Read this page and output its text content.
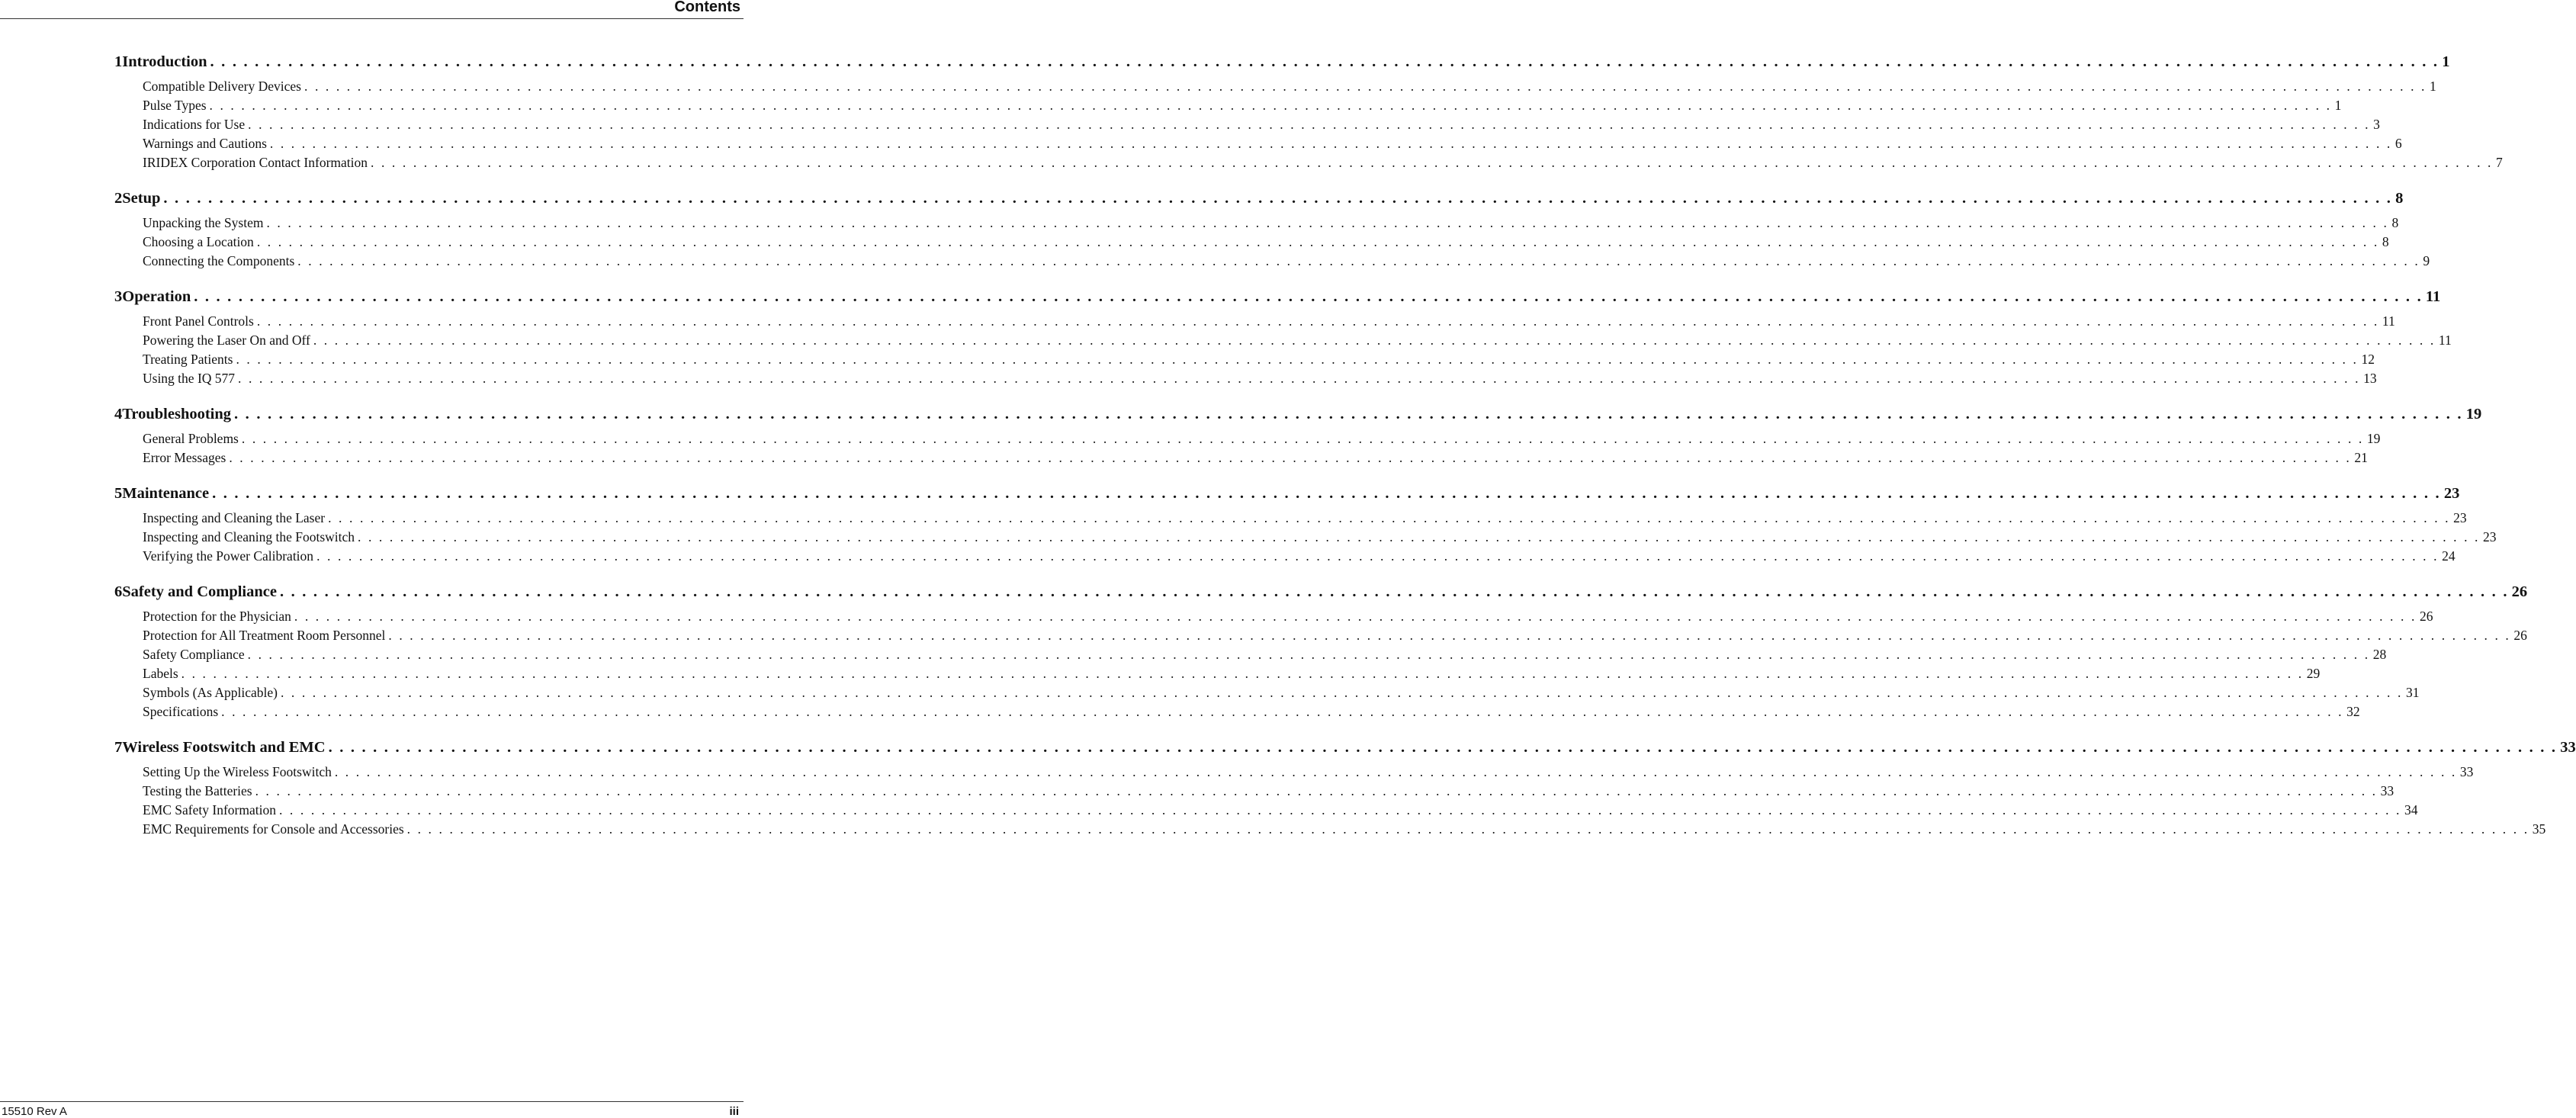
Contents
1 Introduction . . . . . . . . . . . . . . . . . . . . . . . . . . . . . . . . . . . . . . . . . . . . . . . . . . . . . . . . . . . . . . . . . . . . . . . . . . . . . . . . . . . . . . . . . . . . . . . . . . . . . . . . . . . . . . . . . . . . . . . . . . . . . . . . . . . . . . . . . . . . . . . . . . . . . . . . . . . . . . . . . . . . . . . . . . . . . . . . . . . . . . . . . . . . . . . . . . . . . . . . 1
Compatible Delivery Devices . . . . . . . . . . . . . . . . . . . . . . . . . . . . . . . . . . . . . . . . . . . . . . . . . . . . . . . . . . . . . . . . . . . . . . . . . . . . . . . . . . . . . . . . . . . . . . . . . . . . . . . . . . . . . . . . . . . . . . . . . . . . . . . . . . . . . . . . . . . . . . . . . . . . . . . . . . . . . . . . . . . . . . . . . . . . . . . . . . . . . . . . . . . . . . . . . . . . . . . . 1
Pulse Types . . . . . . . . . . . . . . . . . . . . . . . . . . . . . . . . . . . . . . . . . . . . . . . . . . . . . . . . . . . . . . . . . . . . . . . . . . . . . . . . . . . . . . . . . . . . . . . . . . . . . . . . . . . . . . . . . . . . . . . . . . . . . . . . . . . . . . . . . . . . . . . . . . . . . . . . . . . . . . . . . . . . . . . . . . . . . . . . . . . . . . . . . . . . . . . . . . . . . . . . 1
Indications for Use . . . . . . . . . . . . . . . . . . . . . . . . . . . . . . . . . . . . . . . . . . . . . . . . . . . . . . . . . . . . . . . . . . . . . . . . . . . . . . . . . . . . . . . . . . . . . . . . . . . . . . . . . . . . . . . . . . . . . . . . . . . . . . . . . . . . . . . . . . . . . . . . . . . . . . . . . . . . . . . . . . . . . . . . . . . . . . . . . . . . . . . . . . . . . . . . . . . . . . . . 3
Warnings and Cautions . . . . . . . . . . . . . . . . . . . . . . . . . . . . . . . . . . . . . . . . . . . . . . . . . . . . . . . . . . . . . . . . . . . . . . . . . . . . . . . . . . . . . . . . . . . . . . . . . . . . . . . . . . . . . . . . . . . . . . . . . . . . . . . . . . . . . . . . . . . . . . . . . . . . . . . . . . . . . . . . . . . . . . . . . . . . . . . . . . . . . . . . . . . . . . . . . . . . . . . . 6
IRIDEX Corporation Contact Information . . . . . . . . . . . . . . . . . . . . . . . . . . . . . . . . . . . . . . . . . . . . . . . . . . . . . . . . . . . . . . . . . . . . . . . . . . . . . . . . . . . . . . . . . . . . . . . . . . . . . . . . . . . . . . . . . . . . . . . . . . . . . . . . . . . . . . . . . . . . . . . . . . . . . . . . . . . . . . . . . . . . . . . . . . . . . . . . . . . . . . . . . . . . . . . . . . . . . . . . 7
2 Setup . . . . . . . . . . . . . . . . . . . . . . . . . . . . . . . . . . . . . . . . . . . . . . . . . . . . . . . . . . . . . . . . . . . . . . . . . . . . . . . . . . . . . . . . . . . . . . . . . . . . . . . . . . . . . . . . . . . . . . . . . . . . . . . . . . . . . . . . . . . . . . . . . . . . . . . . . . . . . . . . . . . . . . . . . . . . . . . . . . . . . . . . . . . . . . . . . . . . . . . . 8
Unpacking the System . . . . . . . . . . . . . . . . . . . . . . . . . . . . . . . . . . . . . . . . . . . . . . . . . . . . . . . . . . . . . . . . . . . . . . . . . . . . . . . . . . . . . . . . . . . . . . . . . . . . . . . . . . . . . . . . . . . . . . . . . . . . . . . . . . . . . . . . . . . . . . . . . . . . . . . . . . . . . . . . . . . . . . . . . . . . . . . . . . . . . . . . . . . . . . . . . . . . . . . . 8
Choosing a Location . . . . . . . . . . . . . . . . . . . . . . . . . . . . . . . . . . . . . . . . . . . . . . . . . . . . . . . . . . . . . . . . . . . . . . . . . . . . . . . . . . . . . . . . . . . . . . . . . . . . . . . . . . . . . . . . . . . . . . . . . . . . . . . . . . . . . . . . . . . . . . . . . . . . . . . . . . . . . . . . . . . . . . . . . . . . . . . . . . . . . . . . . . . . . . . . . . . . . . . . 8
Connecting the Components . . . . . . . . . . . . . . . . . . . . . . . . . . . . . . . . . . . . . . . . . . . . . . . . . . . . . . . . . . . . . . . . . . . . . . . . . . . . . . . . . . . . . . . . . . . . . . . . . . . . . . . . . . . . . . . . . . . . . . . . . . . . . . . . . . . . . . . . . . . . . . . . . . . . . . . . . . . . . . . . . . . . . . . . . . . . . . . . . . . . . . . . . . . . . . . . . . . . . . . . 9
3 Operation . . . . . . . . . . . . . . . . . . . . . . . . . . . . . . . . . . . . . . . . . . . . . . . . . . . . . . . . . . . . . . . . . . . . . . . . . . . . . . . . . . . . . . . . . . . . . . . . . . . . . . . . . . . . . . . . . . . . . . . . . . . . . . . . . . . . . . . . . . . . . . . . . . . . . . . . . . . . . . . . . . . . . . . . . . . . . . . . . . . . . . . . . . . . . . . . . . . . . . . . 11
Front Panel Controls . . . . . . . . . . . . . . . . . . . . . . . . . . . . . . . . . . . . . . . . . . . . . . . . . . . . . . . . . . . . . . . . . . . . . . . . . . . . . . . . . . . . . . . . . . . . . . . . . . . . . . . . . . . . . . . . . . . . . . . . . . . . . . . . . . . . . . . . . . . . . . . . . . . . . . . . . . . . . . . . . . . . . . . . . . . . . . . . . . . . . . . . . . . . . . . . . . . . . . . . 11
Powering the Laser On and Off . . . . . . . . . . . . . . . . . . . . . . . . . . . . . . . . . . . . . . . . . . . . . . . . . . . . . . . . . . . . . . . . . . . . . . . . . . . . . . . . . . . . . . . . . . . . . . . . . . . . . . . . . . . . . . . . . . . . . . . . . . . . . . . . . . . . . . . . . . . . . . . . . . . . . . . . . . . . . . . . . . . . . . . . . . . . . . . . . . . . . . . . . . . . . . . . . . . . . . . . 11
Treating Patients . . . . . . . . . . . . . . . . . . . . . . . . . . . . . . . . . . . . . . . . . . . . . . . . . . . . . . . . . . . . . . . . . . . . . . . . . . . . . . . . . . . . . . . . . . . . . . . . . . . . . . . . . . . . . . . . . . . . . . . . . . . . . . . . . . . . . . . . . . . . . . . . . . . . . . . . . . . . . . . . . . . . . . . . . . . . . . . . . . . . . . . . . . . . . . . . . . . . . . . . 12
Using the IQ 577 . . . . . . . . . . . . . . . . . . . . . . . . . . . . . . . . . . . . . . . . . . . . . . . . . . . . . . . . . . . . . . . . . . . . . . . . . . . . . . . . . . . . . . . . . . . . . . . . . . . . . . . . . . . . . . . . . . . . . . . . . . . . . . . . . . . . . . . . . . . . . . . . . . . . . . . . . . . . . . . . . . . . . . . . . . . . . . . . . . . . . . . . . . . . . . . . . . . . . . . . 13
4 Troubleshooting . . . . . . . . . . . . . . . . . . . . . . . . . . . . . . . . . . . . . . . . . . . . . . . . . . . . . . . . . . . . . . . . . . . . . . . . . . . . . . . . . . . . . . . . . . . . . . . . . . . . . . . . . . . . . . . . . . . . . . . . . . . . . . . . . . . . . . . . . . . . . . . . . . . . . . . . . . . . . . . . . . . . . . . . . . . . . . . . . . . . . . . . . . . . . . . . . . . . . . . . 19
General Problems . . . . . . . . . . . . . . . . . . . . . . . . . . . . . . . . . . . . . . . . . . . . . . . . . . . . . . . . . . . . . . . . . . . . . . . . . . . . . . . . . . . . . . . . . . . . . . . . . . . . . . . . . . . . . . . . . . . . . . . . . . . . . . . . . . . . . . . . . . . . . . . . . . . . . . . . . . . . . . . . . . . . . . . . . . . . . . . . . . . . . . . . . . . . . . . . . . . . . . . . 19
Error Messages . . . . . . . . . . . . . . . . . . . . . . . . . . . . . . . . . . . . . . . . . . . . . . . . . . . . . . . . . . . . . . . . . . . . . . . . . . . . . . . . . . . . . . . . . . . . . . . . . . . . . . . . . . . . . . . . . . . . . . . . . . . . . . . . . . . . . . . . . . . . . . . . . . . . . . . . . . . . . . . . . . . . . . . . . . . . . . . . . . . . . . . . . . . . . . . . . . . . . . . . 21
5 Maintenance . . . . . . . . . . . . . . . . . . . . . . . . . . . . . . . . . . . . . . . . . . . . . . . . . . . . . . . . . . . . . . . . . . . . . . . . . . . . . . . . . . . . . . . . . . . . . . . . . . . . . . . . . . . . . . . . . . . . . . . . . . . . . . . . . . . . . . . . . . . . . . . . . . . . . . . . . . . . . . . . . . . . . . . . . . . . . . . . . . . . . . . . . . . . . . . . . . . . . . . . 23
Inspecting and Cleaning the Laser . . . . . . . . . . . . . . . . . . . . . . . . . . . . . . . . . . . . . . . . . . . . . . . . . . . . . . . . . . . . . . . . . . . . . . . . . . . . . . . . . . . . . . . . . . . . . . . . . . . . . . . . . . . . . . . . . . . . . . . . . . . . . . . . . . . . . . . . . . . . . . . . . . . . . . . . . . . . . . . . . . . . . . . . . . . . . . . . . . . . . . . . . . . . . . . . . . . . . . . . 23
Inspecting and Cleaning the Footswitch . . . . . . . . . . . . . . . . . . . . . . . . . . . . . . . . . . . . . . . . . . . . . . . . . . . . . . . . . . . . . . . . . . . . . . . . . . . . . . . . . . . . . . . . . . . . . . . . . . . . . . . . . . . . . . . . . . . . . . . . . . . . . . . . . . . . . . . . . . . . . . . . . . . . . . . . . . . . . . . . . . . . . . . . . . . . . . . . . . . . . . . . . . . . . . . . . . . . . . . . 23
Verifying the Power Calibration . . . . . . . . . . . . . . . . . . . . . . . . . . . . . . . . . . . . . . . . . . . . . . . . . . . . . . . . . . . . . . . . . . . . . . . . . . . . . . . . . . . . . . . . . . . . . . . . . . . . . . . . . . . . . . . . . . . . . . . . . . . . . . . . . . . . . . . . . . . . . . . . . . . . . . . . . . . . . . . . . . . . . . . . . . . . . . . . . . . . . . . . . . . . . . . . . . . . . . . . 24
6 Safety and Compliance . . . . . . . . . . . . . . . . . . . . . . . . . . . . . . . . . . . . . . . . . . . . . . . . . . . . . . . . . . . . . . . . . . . . . . . . . . . . . . . . . . . . . . . . . . . . . . . . . . . . . . . . . . . . . . . . . . . . . . . . . . . . . . . . . . . . . . . . . . . . . . . . . . . . . . . . . . . . . . . . . . . . . . . . . . . . . . . . . . . . . . . . . . . . . . . . . . . . . . . . 26
Protection for the Physician . . . . . . . . . . . . . . . . . . . . . . . . . . . . . . . . . . . . . . . . . . . . . . . . . . . . . . . . . . . . . . . . . . . . . . . . . . . . . . . . . . . . . . . . . . . . . . . . . . . . . . . . . . . . . . . . . . . . . . . . . . . . . . . . . . . . . . . . . . . . . . . . . . . . . . . . . . . . . . . . . . . . . . . . . . . . . . . . . . . . . . . . . . . . . . . . . . . . . . . . 26
Protection for All Treatment Room Personnel . . . . . . . . . . . . . . . . . . . . . . . . . . . . . . . . . . . . . . . . . . . . . . . . . . . . . . . . . . . . . . . . . . . . . . . . . . . . . . . . . . . . . . . . . . . . . . . . . . . . . . . . . . . . . . . . . . . . . . . . . . . . . . . . . . . . . . . . . . . . . . . . . . . . . . . . . . . . . . . . . . . . . . . . . . . . . . . . . . . . . . . . . . . . . . . . . . . . . . . . 26
Safety Compliance . . . . . . . . . . . . . . . . . . . . . . . . . . . . . . . . . . . . . . . . . . . . . . . . . . . . . . . . . . . . . . . . . . . . . . . . . . . . . . . . . . . . . . . . . . . . . . . . . . . . . . . . . . . . . . . . . . . . . . . . . . . . . . . . . . . . . . . . . . . . . . . . . . . . . . . . . . . . . . . . . . . . . . . . . . . . . . . . . . . . . . . . . . . . . . . . . . . . . . . . 28
Labels . . . . . . . . . . . . . . . . . . . . . . . . . . . . . . . . . . . . . . . . . . . . . . . . . . . . . . . . . . . . . . . . . . . . . . . . . . . . . . . . . . . . . . . . . . . . . . . . . . . . . . . . . . . . . . . . . . . . . . . . . . . . . . . . . . . . . . . . . . . . . . . . . . . . . . . . . . . . . . . . . . . . . . . . . . . . . . . . . . . . . . . . . . . . . . . . . . . . . . . . 29
Symbols (As Applicable) . . . . . . . . . . . . . . . . . . . . . . . . . . . . . . . . . . . . . . . . . . . . . . . . . . . . . . . . . . . . . . . . . . . . . . . . . . . . . . . . . . . . . . . . . . . . . . . . . . . . . . . . . . . . . . . . . . . . . . . . . . . . . . . . . . . . . . . . . . . . . . . . . . . . . . . . . . . . . . . . . . . . . . . . . . . . . . . . . . . . . . . . . . . . . . . . . . . . . . . . 31
Specifications . . . . . . . . . . . . . . . . . . . . . . . . . . . . . . . . . . . . . . . . . . . . . . . . . . . . . . . . . . . . . . . . . . . . . . . . . . . . . . . . . . . . . . . . . . . . . . . . . . . . . . . . . . . . . . . . . . . . . . . . . . . . . . . . . . . . . . . . . . . . . . . . . . . . . . . . . . . . . . . . . . . . . . . . . . . . . . . . . . . . . . . . . . . . . . . . . . . . . . . . 32
7 Wireless Footswitch and EMC . . . . . . . . . . . . . . . . . . . . . . . . . . . . . . . . . . . . . . . . . . . . . . . . . . . . . . . . . . . . . . . . . . . . . . . . . . . . . . . . . . . . . . . . . . . . . . . . . . . . . . . . . . . . . . . . . . . . . . . . . . . . . . . . . . . . . . . . . . . . . . . . . . . . . . . . . . . . . . . . . . . . . . . . . . . . . . . . . . . . . . . . . . . . . . . . . . . . . . . . 33
Setting Up the Wireless Footswitch . . . . . . . . . . . . . . . . . . . . . . . . . . . . . . . . . . . . . . . . . . . . . . . . . . . . . . . . . . . . . . . . . . . . . . . . . . . . . . . . . . . . . . . . . . . . . . . . . . . . . . . . . . . . . . . . . . . . . . . . . . . . . . . . . . . . . . . . . . . . . . . . . . . . . . . . . . . . . . . . . . . . . . . . . . . . . . . . . . . . . . . . . . . . . . . . . . . . . . . . 33
Testing the Batteries . . . . . . . . . . . . . . . . . . . . . . . . . . . . . . . . . . . . . . . . . . . . . . . . . . . . . . . . . . . . . . . . . . . . . . . . . . . . . . . . . . . . . . . . . . . . . . . . . . . . . . . . . . . . . . . . . . . . . . . . . . . . . . . . . . . . . . . . . . . . . . . . . . . . . . . . . . . . . . . . . . . . . . . . . . . . . . . . . . . . . . . . . . . . . . . . . . . . . . . . 33
EMC Safety Information . . . . . . . . . . . . . . . . . . . . . . . . . . . . . . . . . . . . . . . . . . . . . . . . . . . . . . . . . . . . . . . . . . . . . . . . . . . . . . . . . . . . . . . . . . . . . . . . . . . . . . . . . . . . . . . . . . . . . . . . . . . . . . . . . . . . . . . . . . . . . . . . . . . . . . . . . . . . . . . . . . . . . . . . . . . . . . . . . . . . . . . . . . . . . . . . . . . . . . . . 34
EMC Requirements for Console and Accessories . . . . . . . . . . . . . . . . . . . . . . . . . . . . . . . . . . . . . . . . . . . . . . . . . . . . . . . . . . . . . . . . . . . . . . . . . . . . . . . . . . . . . . . . . . . . . . . . . . . . . . . . . . . . . . . . . . . . . . . . . . . . . . . . . . . . . . . . . . . . . . . . . . . . . . . . . . . . . . . . . . . . . . . . . . . . . . . . . . . . . . . . . . . . . . . . . . . . . . . . 35
15510 Rev A	iii
